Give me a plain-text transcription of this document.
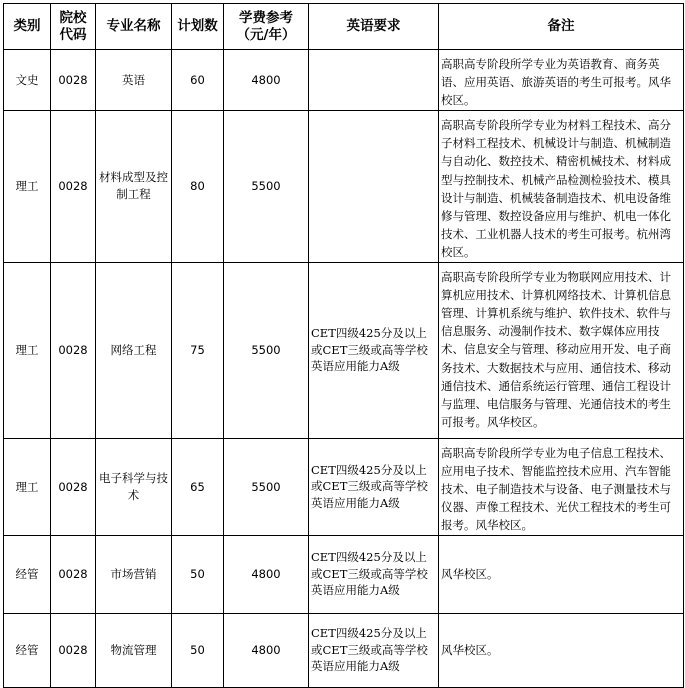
类别	院校代码	专业名称	计划数	学费参考（元/年）	英语要求	备注
文史	0028	英语	60	4800		高职高专阶段所学专业为英语教育、商务英语、应用英语、旅游英语的考生可报考。风华校区。
理工	0028	材料成型及控制工程	80	5500		高职高专阶段所学专业为材料工程技术、高分子材料工程技术、机械设计与制造、机械制造与自动化、数控技术、精密机械技术、材料成型与控制技术、机械产品检测检验技术、模具设计与制造、机械装备制造技术、机电设备维修与管理、数控设备应用与维护、机电一体化技术、工业机器人技术的考生可报考。杭州湾校区。
理工	0028	网络工程	75	5500	CET四级425分及以上或CET三级或高等学校英语应用能力A级	高职高专阶段所学专业为物联网应用技术、计算机应用技术、计算机网络技术、计算机信息管理、计算机系统与维护、软件技术、软件与信息服务、动漫制作技术、数字媒体应用技术、信息安全与管理、移动应用开发、电子商务技术、大数据技术与应用、通信技术、移动通信技术、通信系统运行管理、通信工程设计与监理、电信服务与管理、光通信技术的考生可报考。风华校区。
理工	0028	电子科学与技术	65	5500	CET四级425分及以上或CET三级或高等学校英语应用能力A级	高职高专阶段所学专业为电子信息工程技术、应用电子技术、智能监控技术应用、汽车智能技术、电子制造技术与设备、电子测量技术与仪器、声像工程技术、光伏工程技术的考生可报考。风华校区。
经管	0028	市场营销	50	4800	CET四级425分及以上或CET三级或高等学校英语应用能力A级	风华校区。
经管	0028	物流管理	50	4800	CET四级425分及以上或CET三级或高等学校英语应用能力A级	风华校区。
